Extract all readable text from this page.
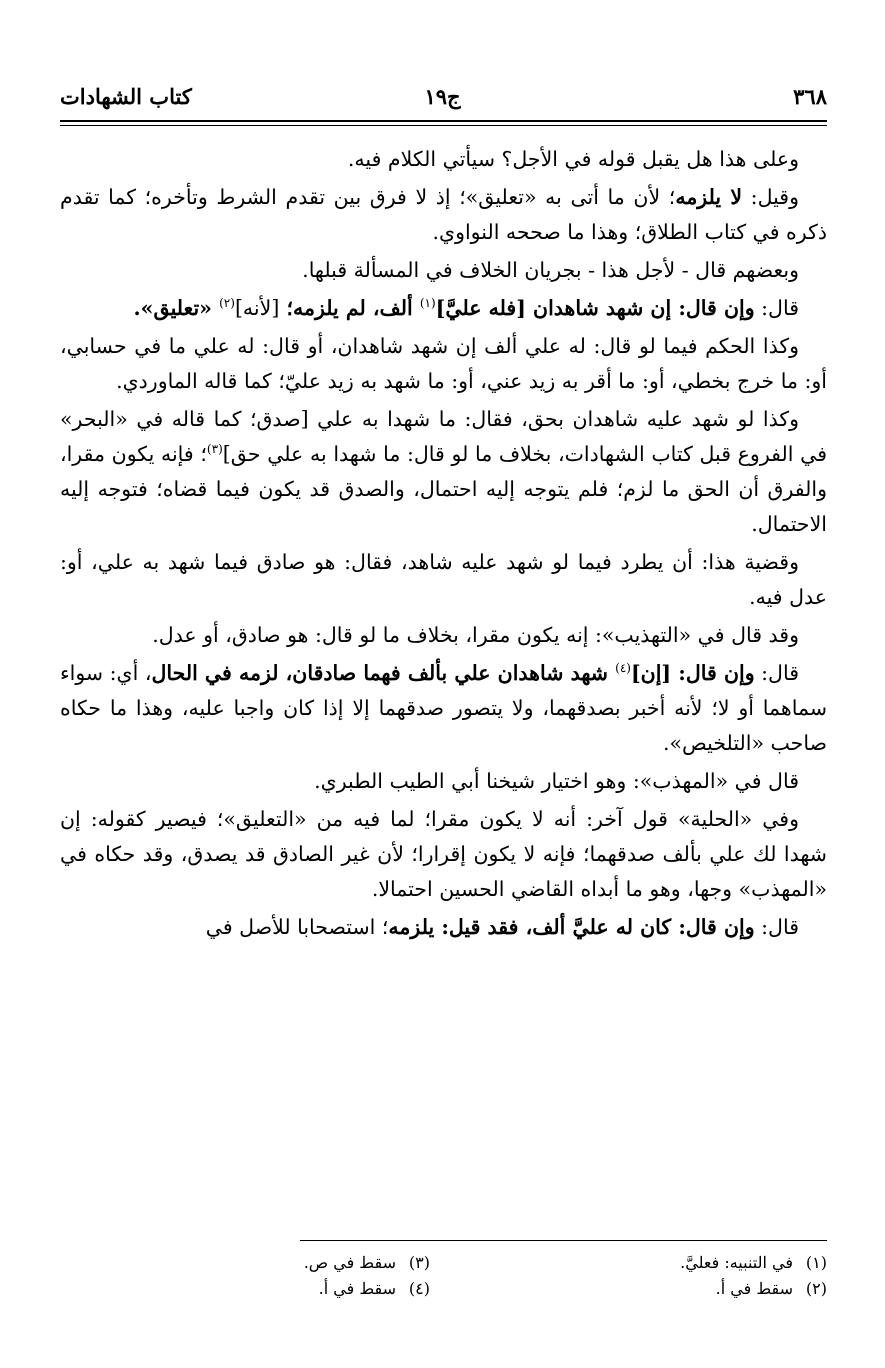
٣٦٨
ج١٩
كتاب الشهادات

وعلى هذا هل يقبل قوله في الأجل؟ سيأتي الكلام فيه.

وقيل: لا يلزمه؛ لأن ما أتى به «تعليق»؛ إذ لا فرق بين تقدم الشرط وتأخره؛ كما تقدم ذكره في كتاب الطلاق؛ وهذا ما صححه النواوي.

وبعضهم قال - لأجل هذا - بجريان الخلاف في المسألة قبلها.

قال: وإن قال: إن شهد شاهدان [فله عليَّ]$^{(١)}$ ألف، لم يلزمه؛ [لأنه]$^{(٢)}$ «تعليق».

وكذا الحكم فيما لو قال: له علي ألف إن شهد شاهدان، أو قال: له علي ما في حسابي، أو: ما خرج بخطي، أو: ما أقر به زيد عني، أو: ما شهد به زيد عليّ؛ كما قاله الماوردي.

وكذا لو شهد عليه شاهدان بحق، فقال: ما شهدا به علي [صدق؛ كما قاله في «البحر» في الفروع قبل كتاب الشهادات، بخلاف ما لو قال: ما شهدا به علي حق]$^{(٣)}$؛ فإنه يكون مقرا، والفرق أن الحق ما لزم؛ فلم يتوجه إليه احتمال، والصدق قد يكون فيما قضاه؛ فتوجه إليه الاحتمال.

وقضية هذا: أن يطرد فيما لو شهد عليه شاهد، فقال: هو صادق فيما شهد به علي، أو: عدل فيه.

وقد قال في «التهذيب»: إنه يكون مقرا، بخلاف ما لو قال: هو صادق، أو عدل.

قال: وإن قال: [إن]$^{(٤)}$ شهد شاهدان علي بألف فهما صادقان، لزمه في الحال، أي: سواء سماهما أو لا؛ لأنه أخبر بصدقهما، ولا يتصور صدقهما إلا إذا كان واجبا عليه، وهذا ما حكاه صاحب «التلخيص».

قال في «المهذب»: وهو اختيار شيخنا أبي الطيب الطبري.

وفي «الحلية» قول آخر: أنه لا يكون مقرا؛ لما فيه من «التعليق»؛ فيصير كقوله: إن شهدا لك علي بألف صدقهما؛ فإنه لا يكون إقرارا؛ لأن غير الصادق قد يصدق، وقد حكاه في «المهذب» وجها، وهو ما أبداه القاضي الحسين احتمالا.

قال: وإن قال: كان له عليَّ ألف، فقد قيل: يلزمه؛ استصحابا للأصل في

(١)في التنبيه: فعليَّ.
(٢)سقط في أ.
(٣)سقط في ص.
(٤)سقط في أ.
